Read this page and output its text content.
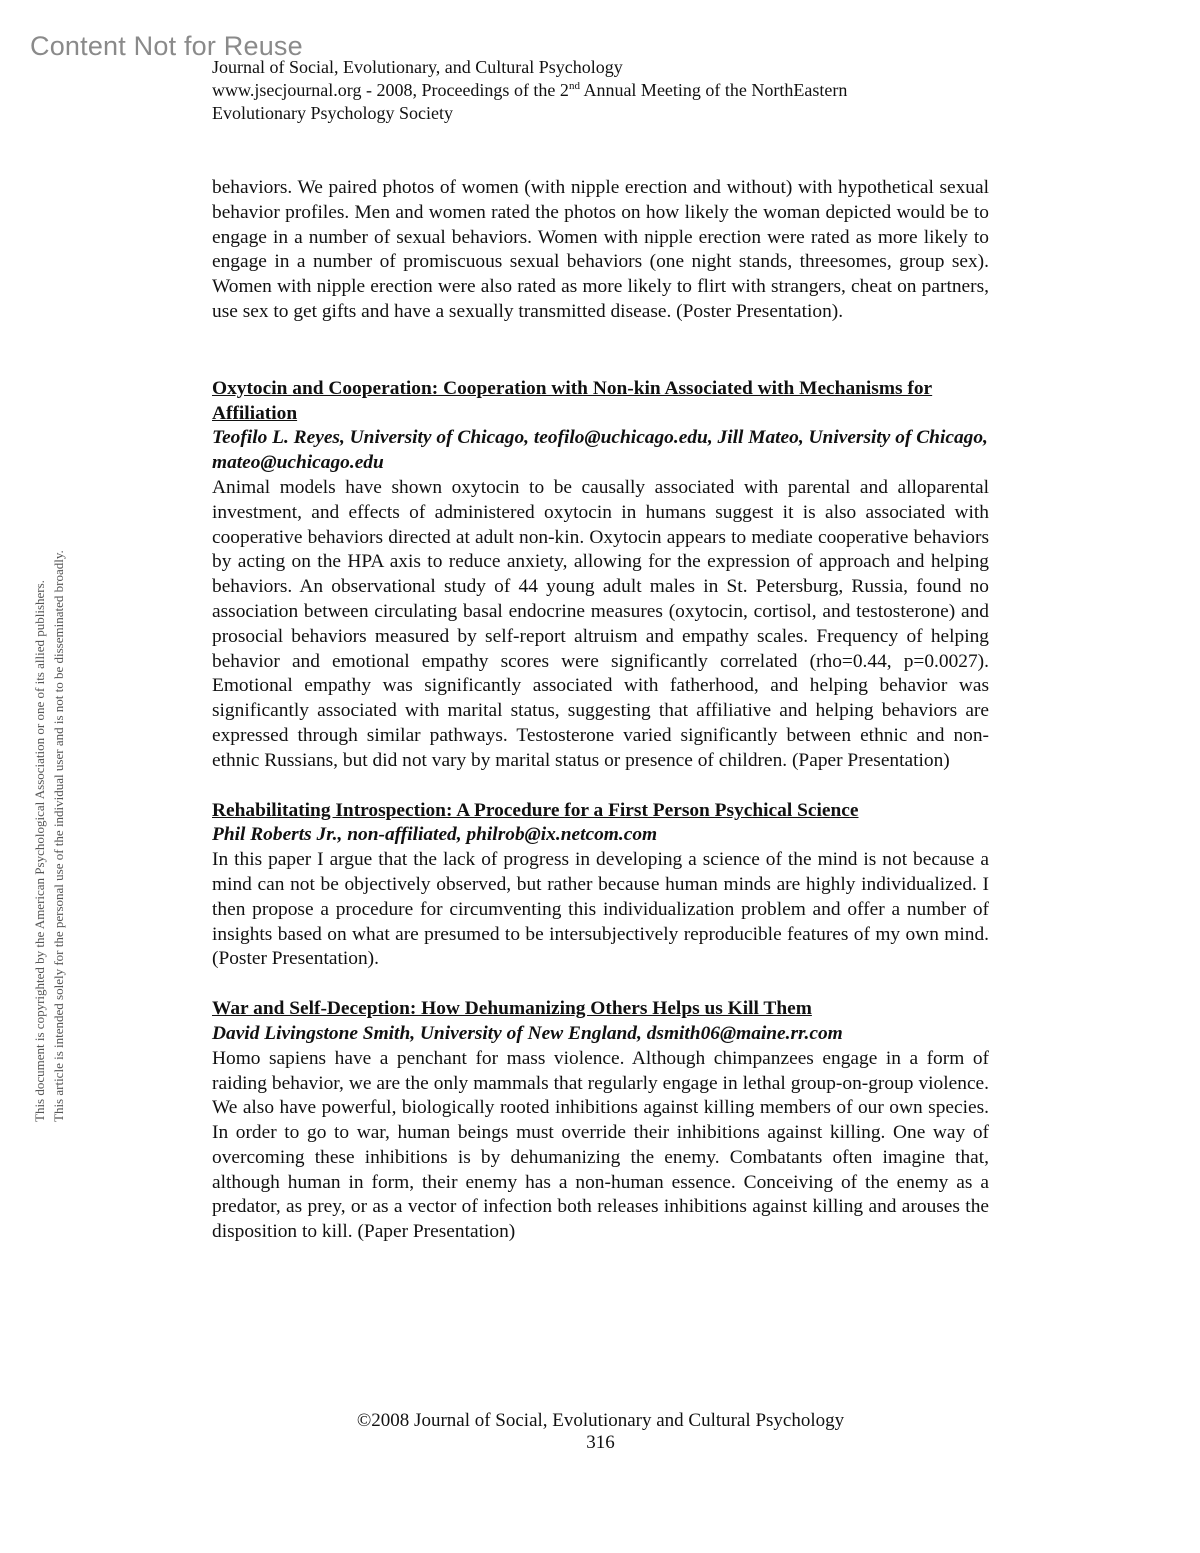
Content Not for Reuse
This document is copyrighted by the American Psychological Association or one of its allied publishers. This article is intended solely for the personal use of the individual user and is not to be disseminated broadly.
Journal of Social, Evolutionary, and Cultural Psychology
www.jsecjournal.org - 2008, Proceedings of the 2nd Annual Meeting of the NorthEastern
Evolutionary Psychology Society

behaviors. We paired photos of women (with nipple erection and without) with hypothetical sexual behavior profiles. Men and women rated the photos on how likely the woman depicted would be to engage in a number of sexual behaviors. Women with nipple erection were rated as more likely to engage in a number of promiscuous sexual behaviors (one night stands, threesomes, group sex). Women with nipple erection were also rated as more likely to flirt with strangers, cheat on partners, use sex to get gifts and have a sexually transmitted disease. (Poster Presentation).

Oxytocin and Cooperation: Cooperation with Non-kin Associated with Mechanisms for Affiliation

Teofilo L. Reyes, University of Chicago, teofilo@uchicago.edu, Jill Mateo, University of Chicago, mateo@uchicago.edu

Animal models have shown oxytocin to be causally associated with parental and alloparental investment, and effects of administered oxytocin in humans suggest it is also associated with cooperative behaviors directed at adult non-kin. Oxytocin appears to mediate cooperative behaviors by acting on the HPA axis to reduce anxiety, allowing for the expression of approach and helping behaviors. An observational study of 44 young adult males in St. Petersburg, Russia, found no association between circulating basal endocrine measures (oxytocin, cortisol, and testosterone) and prosocial behaviors measured by self-report altruism and empathy scales. Frequency of helping behavior and emotional empathy scores were significantly correlated (rho=0.44, p=0.0027). Emotional empathy was significantly associated with fatherhood, and helping behavior was significantly associated with marital status, suggesting that affiliative and helping behaviors are expressed through similar pathways. Testosterone varied significantly between ethnic and non-ethnic Russians, but did not vary by marital status or presence of children. (Paper Presentation)

Rehabilitating Introspection: A Procedure for a First Person Psychical Science

Phil Roberts Jr., non-affiliated, philrob@ix.netcom.com

In this paper I argue that the lack of progress in developing a science of the mind is not because a mind can not be objectively observed, but rather because human minds are highly individualized. I then propose a procedure for circumventing this individualization problem and offer a number of insights based on what are presumed to be intersubjectively reproducible features of my own mind. (Poster Presentation).

War and Self-Deception: How Dehumanizing Others Helps us Kill Them

David Livingstone Smith, University of New England, dsmith06@maine.rr.com

Homo sapiens have a penchant for mass violence. Although chimpanzees engage in a form of raiding behavior, we are the only mammals that regularly engage in lethal group-on-group violence. We also have powerful, biologically rooted inhibitions against killing members of our own species. In order to go to war, human beings must override their inhibitions against killing. One way of overcoming these inhibitions is by dehumanizing the enemy. Combatants often imagine that, although human in form, their enemy has a non-human essence. Conceiving of the enemy as a predator, as prey, or as a vector of infection both releases inhibitions against killing and arouses the disposition to kill. (Paper Presentation)

©2008 Journal of Social, Evolutionary and Cultural Psychology
316
